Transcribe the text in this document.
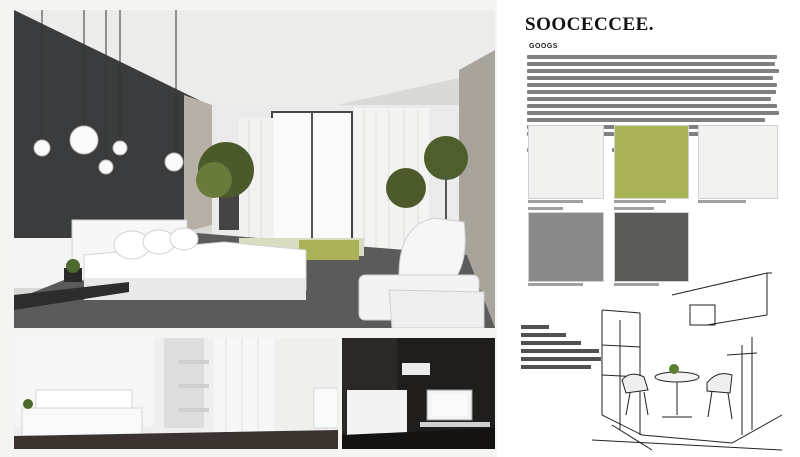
SOOCECCEE.
GOOGS
